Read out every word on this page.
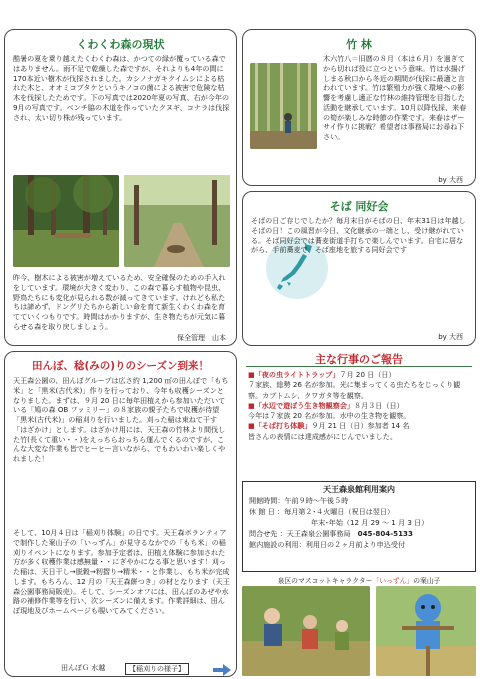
くわくわ森の現状
酷暑の夏を乗り越えたくわくわ森は、かつての緑が覆っている森ではありません。雨不足で乾燥した森ですが、それよりも4年の間に170本近い樹木が伐採されました。カシノナガキクイムシによる枯れた木と、オオミコブタケというキノコの菌による被害で危険な枯木を伐採したためです。下の写真では2020年夏の写真、右が今年の9月の写真です。ベンチ脇の木道を作っていたクヌギ、コナラは伐採され、太い切り株が残っています。
昨今、樹木による被害が増えているため、安全確保のための手入れをしています。環境が大きく変わり、この森で暮らす植物や昆虫、野鳥たちにも変化が見られる数が減ってきています。けれども私たちは諦めず、ドングリたちから新しい命を育て新生くわくわ森を育てていくつもりです。時間はかかりますが、生き物たちが元気に暮らせる森を取り戻しましょう。
保全管理　山本
竹 林
木六竹八＝旧暦の８月（本は６月）を過ぎてから切れば役に立つという意味。竹は水揚げしまる秋口から冬近の期間が伐採に最適と言われています。竹は繁殖力が強く環境への影響を考慮し適正な竹林の維持管理を目指した活動を継承しています。10月以降伐採、来春の筍が楽しみな時節の作業です。来春はザーサイ作りに挑戦？希望者は事務局にお尋ね下さい。
by 大西
そば 同好会
そばの日ご存じでしたか？毎月末日がそばの日、年末31日は年越しそばの日！この風習が今日、文化継承の一端とし、受け継がれている。そば同好会では蕎麦街道手打ちで楽しんでいます。自宅に居ながら、手前蕎麦で、そば座地を旅する同好会です
by 大西
田んぼ、稔(みの)りのシーズン到来！
天王森公園の、田んぼグループは広さ約 1,200 ㎡の田んぼで「もち米」と「黒米(古代米)」作りを行っており、今年も収穫シーズンとなりました。まずは、９月 20 日に毎年田植えから参加いただいている「鳩の森 OB ファミリー」の８家族の親子たちで収穫が待望「黒米(古代米)」の稲刈りを行いました。刈った稲は束ねて干す「はざかけ」とします。はざかけ用には、天王森の竹林より間伐した竹(長くて重い・・)をえっちらおっちら運んでくるのですが、こんな大変な作業も皆でヒーヒー言いながら、でもわいわい楽しくやれました！
そして、10月４日は「稲刈り体験」の日です。天王森ボランティアで制作した案山子の「いっずん」が見守るなかでの「もち米」の稲刈りイベントになります。参加予定者は、田植え体験に参加された方が多く収穫作業は感無量・・にぎやかになる事と思います！刈った稲は、天日干し→脱穀→籾摺り→精米・・と作業し、もち米が完成します。もちろん、12 月の「天王森餅つき」の材となります（天王森公園事務局販売）。そして、シーズンオフには、田んぼのあぜや水路の補修作業等を行い、次シーズンに備えます。作業詳細は、田んぼ現地及びホームページも覗いてみてください。
田んぼＧ 水越	【稲刈りの様子】
主な行事のご報告
■「夜の虫ライトトラップ」７月 20 日（日）
７家族、総勢 26 名が参加。光に集まってくる虫たちをじっくり観察。カブトムシ、クワガタ等を観察。
■「水辺で遊ぼう生き物観察会」８月３日（日）
今年は７家族 20 名が参加。水中の生き物を観察。
■「そば打ち体験」９月 21 日（日）参加者 14 名
皆さんの表情には達成感がにじんでいました。
天王森泉館利用案内
開館時間：午前９時〜午後５時
休 館 日 ：毎月第２･４火曜日（祝日は翌日）
年末･年始（12 月 29 〜 1 月 3 日）
問合せ先 ：天王森泉公園事務局　 045-804-5133
館内施設の利用：利用日の２ヶ月前より申込受付
泉区のマスコットキャラクター「いっずん」の案山子
